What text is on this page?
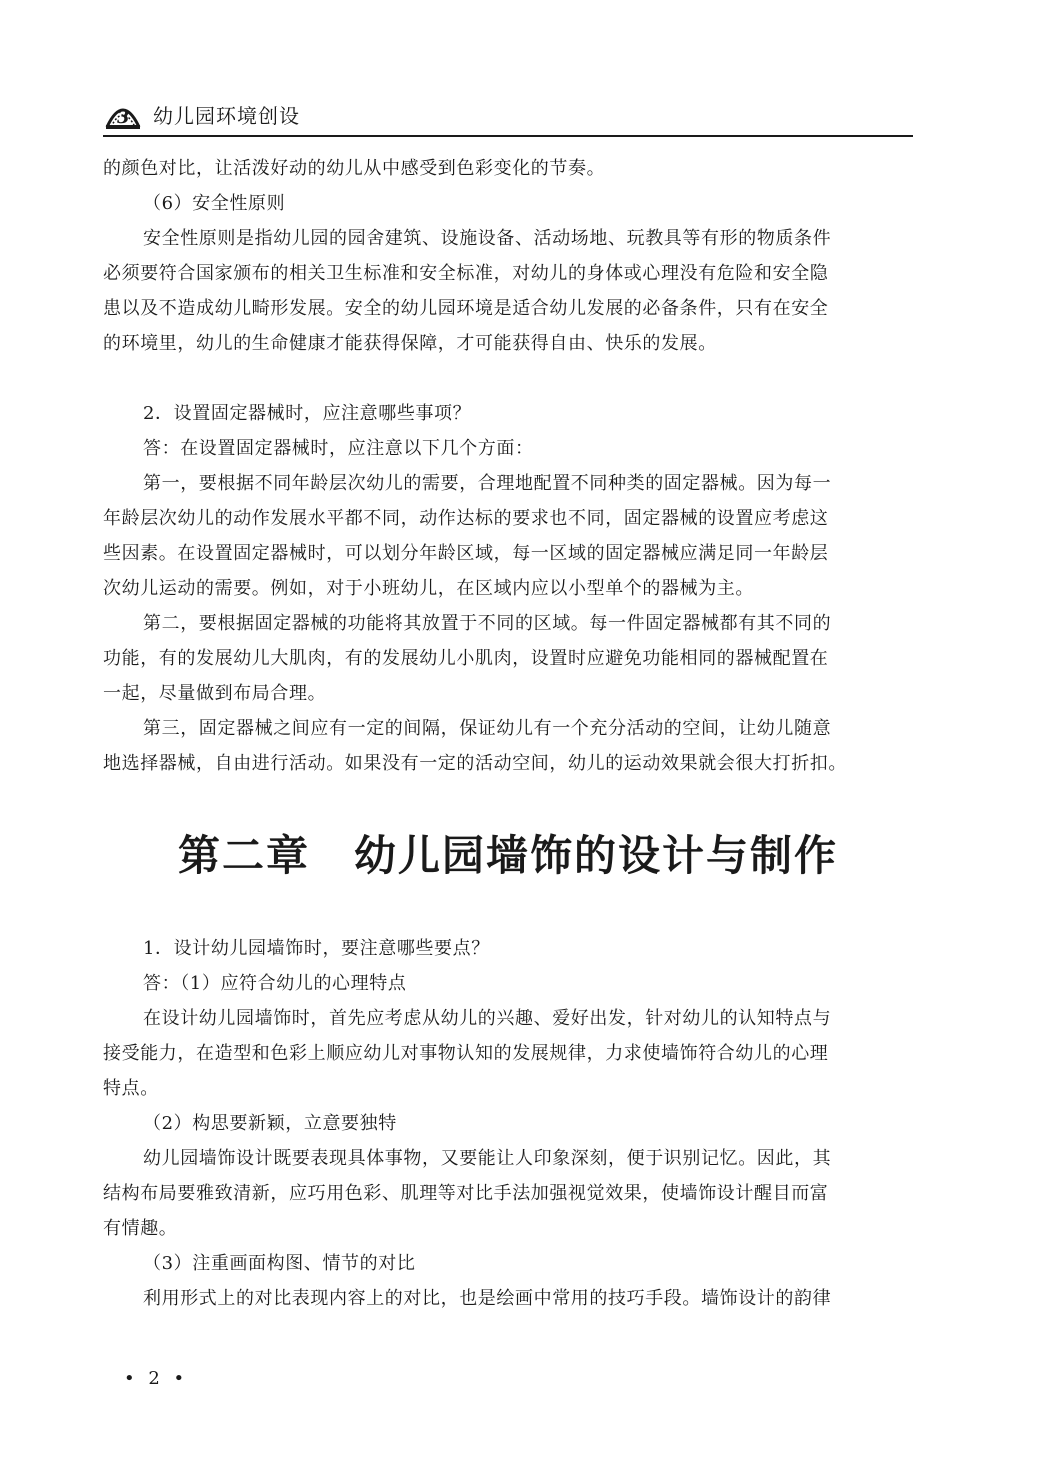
3 幼儿园环境创设

的颜色对比，让活泼好动的幼儿从中感受到色彩变化的节奏。

（6）安全性原则

安全性原则是指幼儿园的园舍建筑、设施设备、活动场地、玩教具等有形的物质条件

必须要符合国家颁布的相关卫生标准和安全标准，对幼儿的身体或心理没有危险和安全隐

患以及不造成幼儿畸形发展。安全的幼儿园环境是适合幼儿发展的必备条件，只有在安全

的环境里，幼儿的生命健康才能获得保障，才可能获得自由、快乐的发展。

2．设置固定器械时，应注意哪些事项？

答：在设置固定器械时，应注意以下几个方面：

第一，要根据不同年龄层次幼儿的需要，合理地配置不同种类的固定器械。因为每一

年龄层次幼儿的动作发展水平都不同，动作达标的要求也不同，固定器械的设置应考虑这

些因素。在设置固定器械时，可以划分年龄区域，每一区域的固定器械应满足同一年龄层

次幼儿运动的需要。例如，对于小班幼儿，在区域内应以小型单个的器械为主。

第二，要根据固定器械的功能将其放置于不同的区域。每一件固定器械都有其不同的

功能，有的发展幼儿大肌肉，有的发展幼儿小肌肉，设置时应避免功能相同的器械配置在

一起，尽量做到布局合理。

第三，固定器械之间应有一定的间隔，保证幼儿有一个充分活动的空间，让幼儿随意

地选择器械，自由进行活动。如果没有一定的活动空间，幼儿的运动效果就会很大打折扣。

第二章　幼儿园墙饰的设计与制作

1．设计幼儿园墙饰时，要注意哪些要点？

答：（1）应符合幼儿的心理特点

在设计幼儿园墙饰时，首先应考虑从幼儿的兴趣、爱好出发，针对幼儿的认知特点与

接受能力，在造型和色彩上顺应幼儿对事物认知的发展规律，力求使墙饰符合幼儿的心理

特点。

（2）构思要新颖，立意要独特

幼儿园墙饰设计既要表现具体事物，又要能让人印象深刻，便于识别记忆。因此，其

结构布局要雅致清新，应巧用色彩、肌理等对比手法加强视觉效果，使墙饰设计醒目而富

有情趣。

（3）注重画面构图、情节的对比

利用形式上的对比表现内容上的对比，也是绘画中常用的技巧手段。墙饰设计的韵律

• 2 •
